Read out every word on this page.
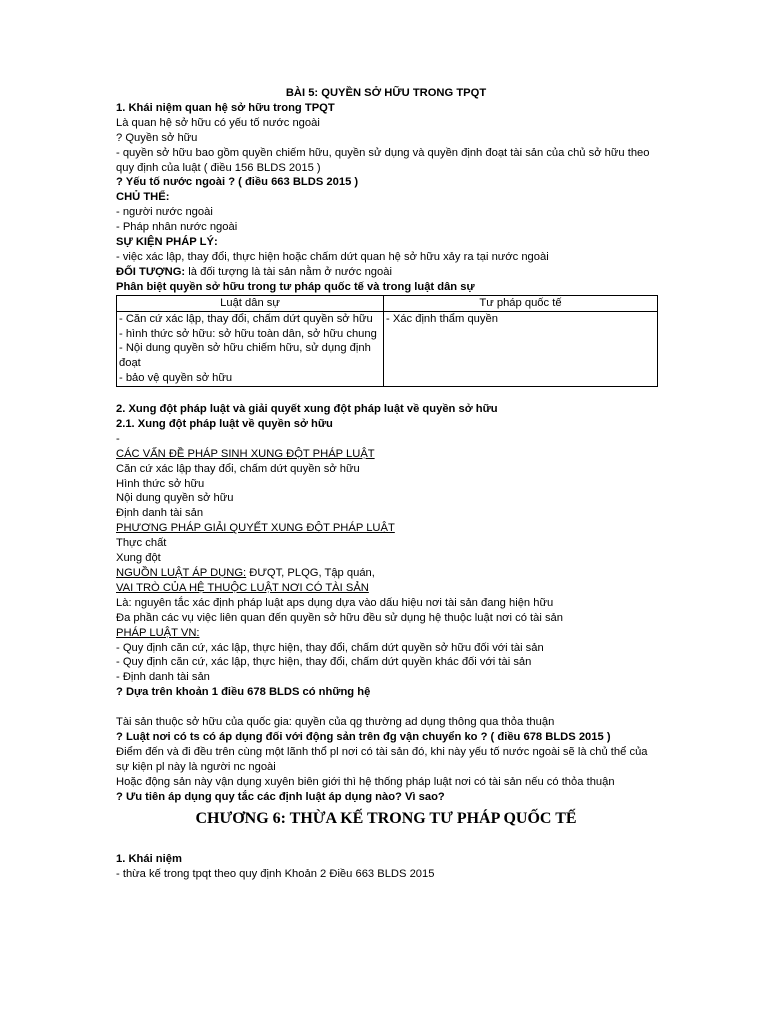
BÀI 5: QUYỀN SỞ HỮU TRONG TPQT
1. Khái niệm quan hệ sở hữu trong TPQT
Là quan hệ sở hữu có yếu tố nước ngoài
? Quyền sở hữu
- quyền sở hữu bao gồm quyền chiếm hữu, quyền sử dụng và quyền định đoạt tài sản của chủ sở hữu theo quy định của luật ( điều 156 BLDS 2015 )
? Yếu tố nước ngoài ? ( điều 663 BLDS 2015 )
CHỦ THỂ:
- người nước ngoài
- Pháp nhân nước ngoài
SỰ KIỆN PHÁP LÝ:
- việc xác lập, thay đổi, thực hiện hoặc chấm dứt quan hệ sở hữu xảy ra tại nước ngoài
ĐỐI TƯỢNG: là đối tượng là tài sản nằm ở nước ngoài
Phân biệt quyền sở hữu trong tư pháp quốc tế và trong luật dân sự
Luật dân sự	Tư pháp quốc tế

- Căn cứ xác lập, thay đổi, chấm dứt quyền sở hữu
- hình thức sở hữu: sở hữu toàn dân, sở hữu chung
- Nội dung quyền sở hữu chiếm hữu, sử dụng định đoạt
- bảo vệ quyền sở hữu	- Xác định thẩm quyền
2. Xung đột pháp luật và giải quyết xung đột pháp luật về quyền sở hữu
2.1. Xung đột pháp luật về quyền sở hữu
-
CÁC VẤN ĐỀ PHÁP SINH XUNG ĐỘT PHÁP LUẬT
Căn cứ xác lập thay đổi, chấm dứt quyền sở hữu
Hình thức sở hữu
Nội dung quyền sở hữu
Định danh tài sản
PHƯƠNG PHÁP GIẢI QUYẾT XUNG ĐỘT PHÁP LUẬT
Thực chất
Xung đột
NGUỒN LUẬT ÁP DỤNG: ĐƯQT, PLQG, Tập quán,
VAI TRÒ CỦA HỆ THUỘC LUẬT NƠI CÓ TÀI SẢN
Là: nguyên tắc xác định pháp luật aps dụng dựa vào dấu hiệu nơi tài sản đang hiện hữu
Đa phần các vụ việc liên quan đến quyền sở hữu đều sử dụng hệ thuộc luật nơi có tài sản
PHÁP LUẬT VN:
- Quy định căn cứ, xác lập, thực hiện, thay đổi, chấm dứt quyền sở hữu đối với tài sản
- Quy định căn cứ, xác lập, thực hiện, thay đổi, chấm dứt quyền khác đối với tài sản
- Định danh tài sản
? Dựa trên khoản 1 điều 678 BLDS có những hệ
Tài sản thuộc sở hữu của quốc gia: quyền của qg thường ad dụng thông qua thỏa thuận
? Luật nơi có ts có áp dụng đối với động sản trên đg vận chuyển ko ? ( điều 678 BLDS 2015 )
Điểm đến và đi đều trên cùng một lãnh thổ pl nơi có tài sản đó, khi này yếu tố nước ngoài sẽ là chủ thể của sự kiện pl này là người nc ngoài
Hoặc động sản này vận dụng xuyên biên giới thì hệ thống pháp luật nơi có tài sản nếu có thỏa thuận
? Ưu tiên áp dụng quy tắc các định luật áp dụng nào? Vì sao?
CHƯƠNG 6: THỪA KẾ TRONG TƯ PHÁP QUỐC TẾ
1. Khái niệm
- thừa kế trong tpqt theo quy định Khoản 2 Điều 663 BLDS 2015
